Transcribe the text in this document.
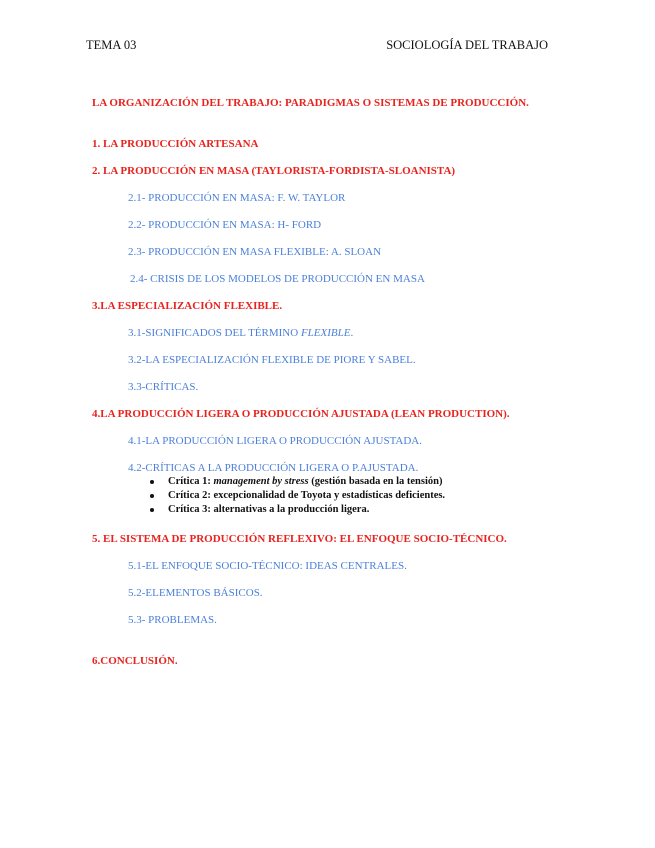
TEMA 03	SOCIOLOGÍA DEL TRABAJO
LA ORGANIZACIÓN DEL TRABAJO: PARADIGMAS O SISTEMAS DE PRODUCCIÓN.
1. LA PRODUCCIÓN ARTESANA
2. LA PRODUCCIÓN EN MASA (TAYLORISTA-FORDISTA-SLOANISTA)
2.1- PRODUCCIÓN EN MASA: F. W. TAYLOR
2.2- PRODUCCIÓN EN MASA: H- FORD
2.3- PRODUCCIÓN EN MASA FLEXIBLE: A. SLOAN
2.4- CRISIS DE LOS MODELOS DE PRODUCCIÓN EN MASA
3.LA ESPECIALIZACIÓN FLEXIBLE.
3.1-SIGNIFICADOS DEL TÉRMINO FLEXIBLE.
3.2-LA ESPECIALIZACIÓN FLEXIBLE DE PIORE Y SABEL.
3.3-CRÍTICAS.
4.LA PRODUCCIÓN LIGERA O PRODUCCIÓN AJUSTADA (LEAN PRODUCTION).
4.1-LA PRODUCCIÓN LIGERA O PRODUCCIÓN AJUSTADA.
4.2-CRÍTICAS A LA PRODUCCIÓN LIGERA O P.AJUSTADA.
Crítica 1: management by stress (gestión basada en la tensión)
Crítica 2: excepcionalidad de Toyota y estadísticas deficientes.
Crítica 3: alternativas a la producción ligera.
5. EL SISTEMA DE PRODUCCIÓN REFLEXIVO: EL ENFOQUE SOCIO-TÉCNICO.
5.1-EL ENFOQUE SOCIO-TÉCNICO: IDEAS CENTRALES.
5.2-ELEMENTOS BÁSICOS.
5.3- PROBLEMAS.
6.CONCLUSIÓN.
